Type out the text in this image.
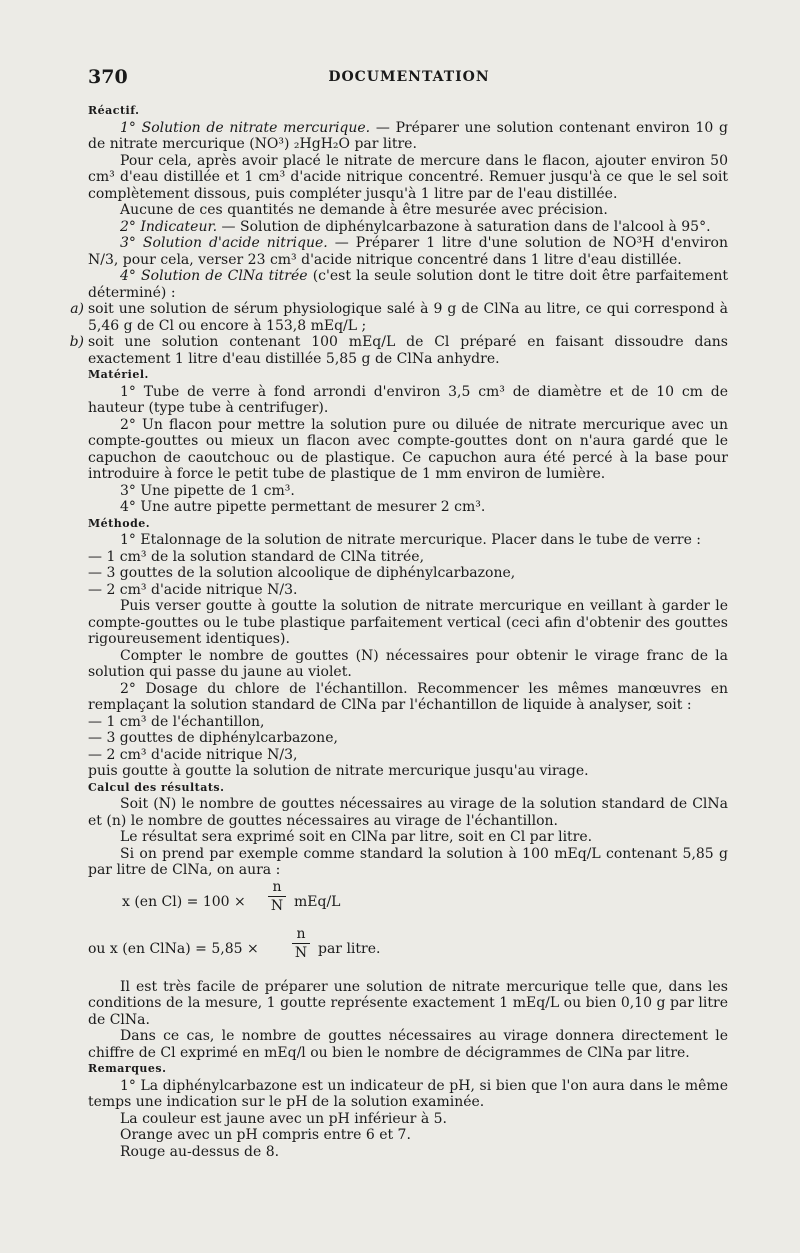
370	DOCUMENTATION

Réactif.

1° Solution de nitrate mercurique. — Préparer une solution contenant environ 10 g de nitrate mercurique (NO³) ₂HgH₂O par litre.

Pour cela, après avoir placé le nitrate de mercure dans le flacon, ajouter environ 50 cm³ d'eau distillée et 1 cm³ d'acide nitrique concentré. Remuer jusqu'à ce que le sel soit complètement dissous, puis compléter jusqu'à 1 litre par de l'eau distillée.

Aucune de ces quantités ne demande à être mesurée avec précision.

2° Indicateur. — Solution de diphénylcarbazone à saturation dans de l'alcool à 95°.

3° Solution d'acide nitrique. — Préparer 1 litre d'une solution de NO³H d'environ N/3, pour cela, verser 23 cm³ d'acide nitrique concentré dans 1 litre d'eau distillée.

4° Solution de ClNa titrée (c'est la seule solution dont le titre doit être parfaitement déterminé) :

a) soit une solution de sérum physiologique salé à 9 g de ClNa au litre, ce qui correspond à 5,46 g de Cl ou encore à 153,8 mEq/L ;

b) soit une solution contenant 100 mEq/L de Cl préparé en faisant dissoudre dans exactement 1 litre d'eau distillée 5,85 g de ClNa anhydre.

Matériel.

1° Tube de verre à fond arrondi d'environ 3,5 cm³ de diamètre et de 10 cm de hauteur (type tube à centrifuger).

2° Un flacon pour mettre la solution pure ou diluée de nitrate mercurique avec un compte-gouttes ou mieux un flacon avec compte-gouttes dont on n'aura gardé que le capuchon de caoutchouc ou de plastique. Ce capuchon aura été percé à la base pour introduire à force le petit tube de plastique de 1 mm environ de lumière.

3° Une pipette de 1 cm³.

4° Une autre pipette permettant de mesurer 2 cm³.

Méthode.

1° Etalonnage de la solution de nitrate mercurique. Placer dans le tube de verre :

— 1 cm³ de la solution standard de ClNa titrée,

— 3 gouttes de la solution alcoolique de diphénylcarbazone,

— 2 cm³ d'acide nitrique N/3.

Puis verser goutte à goutte la solution de nitrate mercurique en veillant à garder le compte-gouttes ou le tube plastique parfaitement vertical (ceci afin d'obtenir des gouttes rigoureusement identiques).

Compter le nombre de gouttes (N) nécessaires pour obtenir le virage franc de la solution qui passe du jaune au violet.

2° Dosage du chlore de l'échantillon. Recommencer les mêmes manœuvres en remplaçant la solution standard de ClNa par l'échantillon de liquide à analyser, soit :

— 1 cm³ de l'échantillon,

— 3 gouttes de diphénylcarbazone,

— 2 cm³ d'acide nitrique N/3,

puis goutte à goutte la solution de nitrate mercurique jusqu'au virage.

Calcul des résultats.

Soit (N) le nombre de gouttes nécessaires au virage de la solution standard de ClNa et (n) le nombre de gouttes nécessaires au virage de l'échantillon.

Le résultat sera exprimé soit en ClNa par litre, soit en Cl par litre.

Si on prend par exemple comme standard la solution à 100 mEq/L contenant 5,85 g par litre de ClNa, on aura :

x (en Cl) = 100 ×
n
N mEq/L
ou x (en ClNa) = 5,85 ×
n
N par litre.

Il est très facile de préparer une solution de nitrate mercurique telle que, dans les conditions de la mesure, 1 goutte représente exactement 1 mEq/L ou bien 0,10 g par litre de ClNa.

Dans ce cas, le nombre de gouttes nécessaires au virage donnera directement le chiffre de Cl exprimé en mEq/l ou bien le nombre de décigrammes de ClNa par litre.

Remarques.

1° La diphénylcarbazone est un indicateur de pH, si bien que l'on aura dans le même temps une indication sur le pH de la solution examinée.

La couleur est jaune avec un pH inférieur à 5.

Orange avec un pH compris entre 6 et 7.

Rouge au-dessus de 8.
